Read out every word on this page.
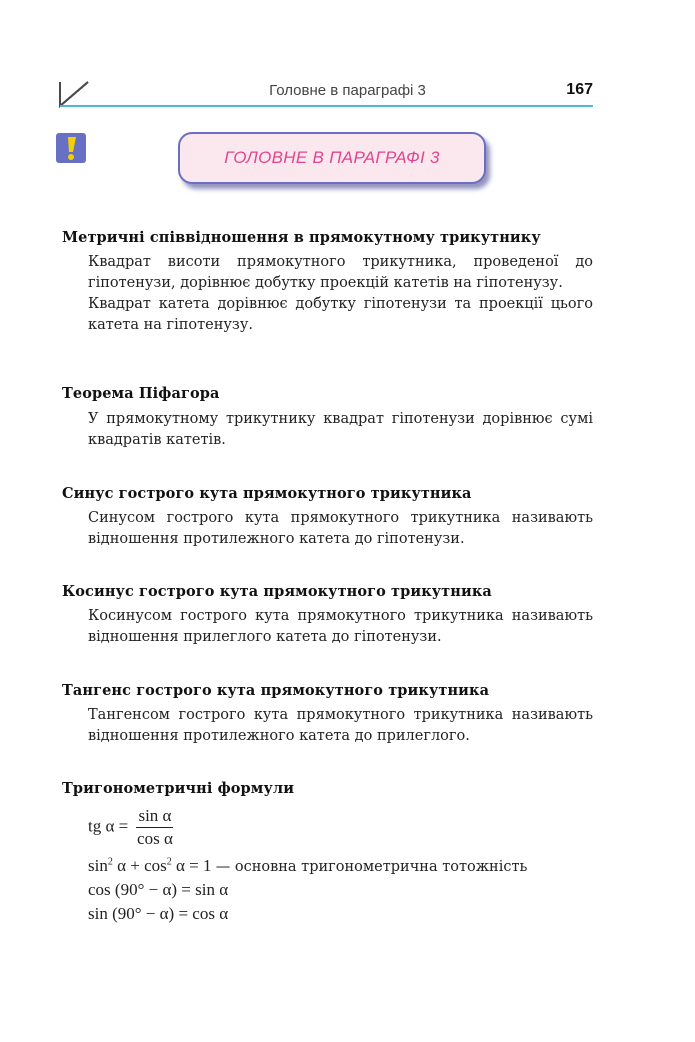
Головне в параграфі 3	167
ГОЛОВНЕ В ПАРАГРАФІ 3
Метричні співвідношення в прямокутному трикутнику

Квадрат висоти прямокутного трикутника, проведеної до гіпотенузи, дорівнює добутку проекцій катетів на гіпотенузу.

Квадрат катета дорівнює добутку гіпотенузи та проекції цього катета на гіпотенузу.

Теорема Піфагора

У прямокутному трикутнику квадрат гіпотенузи дорівнює сумі квадратів катетів.

Синус гострого кута прямокутного трикутника

Синусом гострого кута прямокутного трикутника називають відношення протилежного катета до гіпотенузи.

Косинус гострого кута прямокутного трикутника

Косинусом гострого кута прямокутного трикутника називають відношення прилеглого катета до гіпотенузи.

Тангенс гострого кута прямокутного трикутника

Тангенсом гострого кута прямокутного трикутника називають відношення протилежного катета до прилеглого.

Тригонометричні формули
tg $\alpha = \frac{\text{sin α}}{\text{cos α}}$
$\sin^2 \alpha + \cos^2 \alpha = 1$ — основна тригонометрична тотожність
cos (90° − α) = sin α
sin (90° − α) = cos α
